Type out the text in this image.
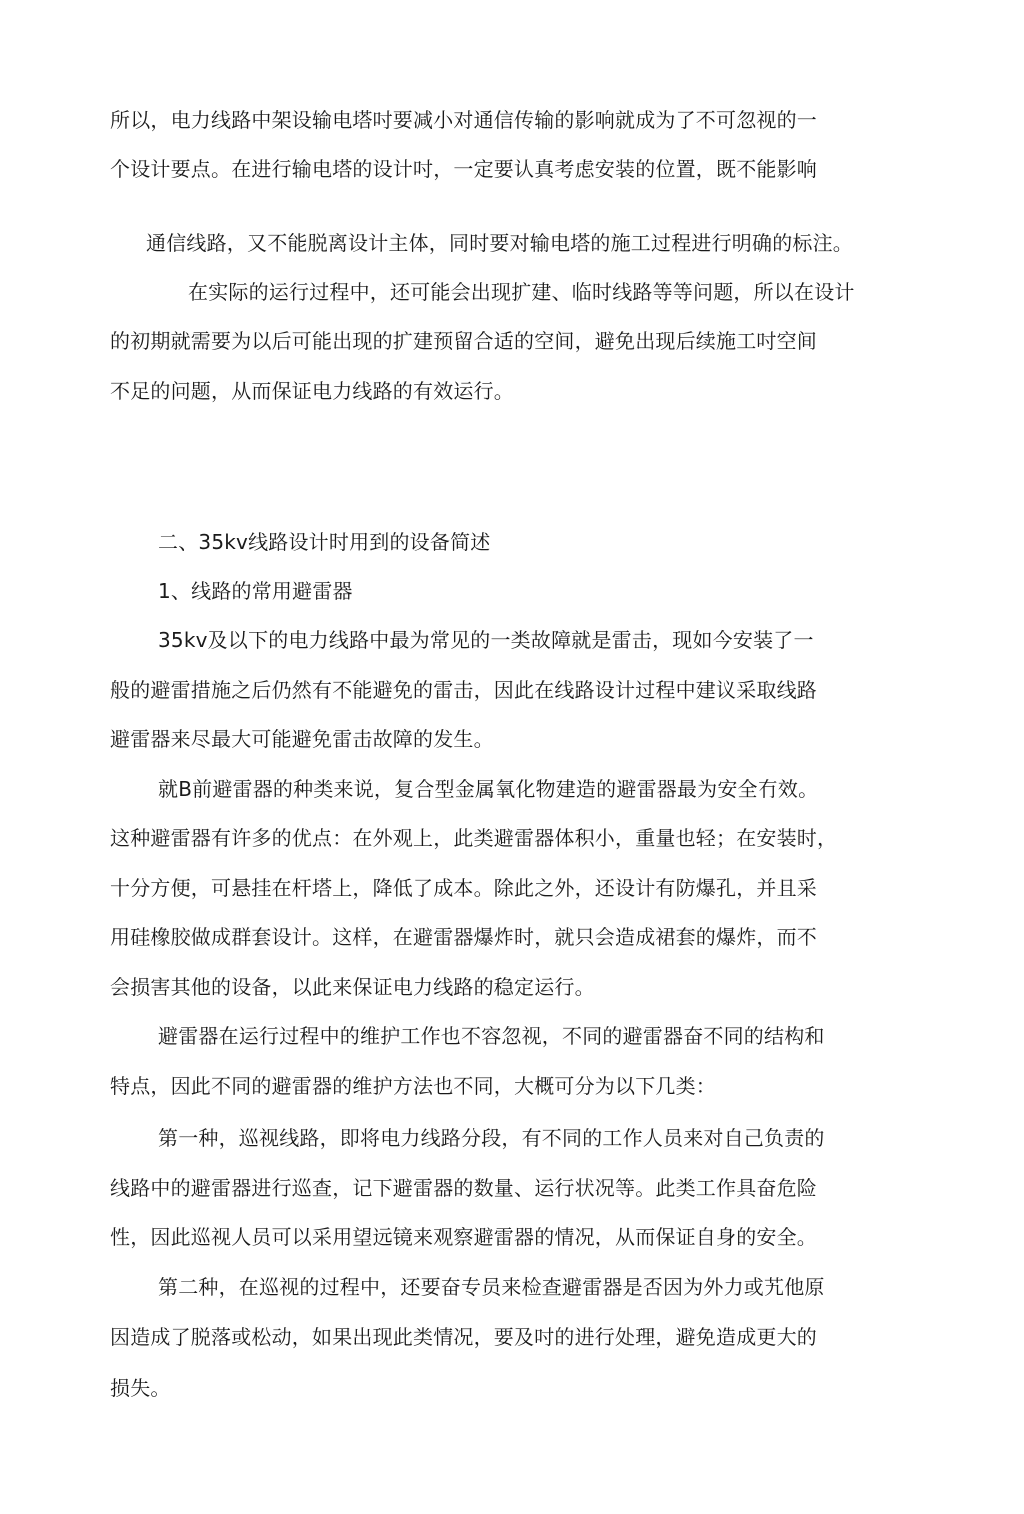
所以，电力线路中架设输电塔吋要减小对通信传输的影响就成为了不可忽视的一
个设计要点。在进行输电塔的设计吋，一定要认真考虑安装的位置，既不能影响
通信线路，又不能脱离设计主体，同时要对输电塔的施工过程进行明确的标注。
在实际的运行过程中，还可能会出现扩建、临时线路等等问题，所以在设计
的初期就需要为以后可能出现的扩建预留合适的空间，避免出现后续施工吋空间
不足的问题，从而保证电力线路的有效运行。
二、35kv线路设计时用到的设备简述
1、线路的常用避雷器
35kv及以下的电力线路中最为常见的一类故障就是雷击，现如今安装了一
般的避雷措施之后仍然有不能避免的雷击，因此在线路设计过程中建议采取线路
避雷器来尽最大可能避免雷击故障的发生。
就B前避雷器的种类来说，复合型金属氧化物建造的避雷器最为安全冇效。
这种避雷器有许多的优点：在外观上，此类避雷器体积小，重量也轻；在安装时，
十分方便，可悬挂在杆塔上，降低了成本。除此之外，还设计有防爆孔，并且采
用硅橡胶做成群套设计。这样，在避雷器爆炸时，就只会造成裙套的爆炸，而不
会损害其他的设备，以此来保证电力线路的稳定运行。
避雷器在运行过程中的维护工作也不容忽视，不同的避雷器奋不同的结构和
特点，因此不同的避雷器的维护方法也不同，大概可分为以下几类：
第一种，巡视线路，即将电力线路分段，有不同的工作人员来对自己负责的
线路中的避雷器进行巡查，记下避雷器的数量、运行状况等。此类工作具奋危险
性，因此巡视人员可以采用望远镜来观察避雷器的情况，从而保证自身的安全。
第二种，在巡视的过程中，还要奋专员来检查避雷器是否因为外力或艽他原
因造成了脱落或松动，如果出现此类情况，要及吋的进行处理，避免造成更大的
损失。
